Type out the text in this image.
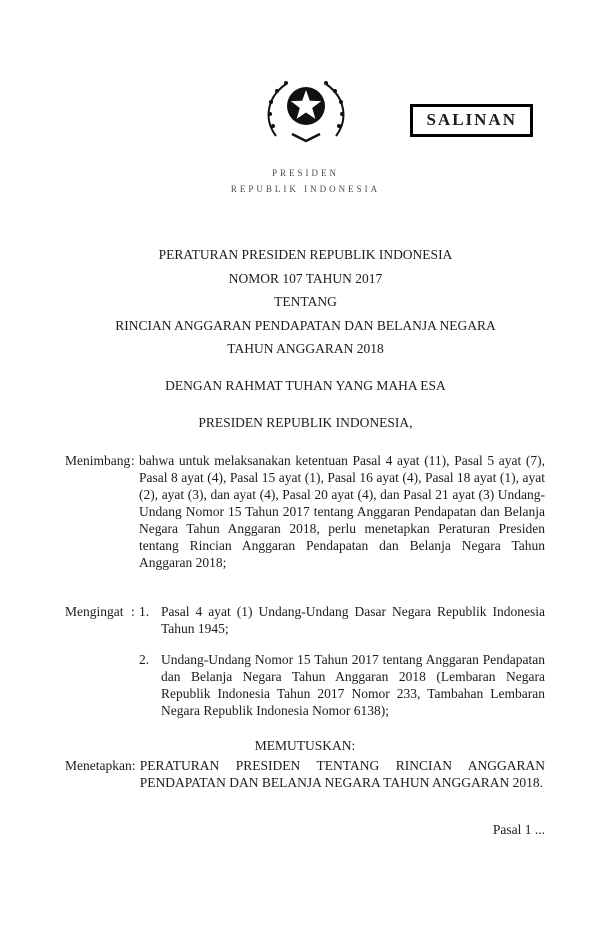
PRESIDEN
REPUBLIK INDONESIA
SALINAN
PERATURAN PRESIDEN REPUBLIK INDONESIA
NOMOR 107 TAHUN 2017
TENTANG
RINCIAN ANGGARAN PENDAPATAN DAN BELANJA NEGARA
TAHUN ANGGARAN 2018
DENGAN RAHMAT TUHAN YANG MAHA ESA
PRESIDEN REPUBLIK INDONESIA,
Menimbang : bahwa untuk melaksanakan ketentuan Pasal 4 ayat (11), Pasal 5 ayat (7), Pasal 8 ayat (4), Pasal 15 ayat (1), Pasal 16 ayat (4), Pasal 18 ayat (1), ayat (2), ayat (3), dan ayat (4), Pasal 20 ayat (4), dan Pasal 21 ayat (3) Undang-Undang Nomor 15 Tahun 2017 tentang Anggaran Pendapatan dan Belanja Negara Tahun Anggaran 2018, perlu menetapkan Peraturan Presiden tentang Rincian Anggaran Pendapatan dan Belanja Negara Tahun Anggaran 2018;
Mengingat : 1. Pasal 4 ayat (1) Undang-Undang Dasar Negara Republik Indonesia Tahun 1945;
2. Undang-Undang Nomor 15 Tahun 2017 tentang Anggaran Pendapatan dan Belanja Negara Tahun Anggaran 2018 (Lembaran Negara Republik Indonesia Tahun 2017 Nomor 233, Tambahan Lembaran Negara Republik Indonesia Nomor 6138);
MEMUTUSKAN:
Menetapkan : PERATURAN PRESIDEN TENTANG RINCIAN ANGGARAN PENDAPATAN DAN BELANJA NEGARA TAHUN ANGGARAN 2018.
Pasal 1 ...
